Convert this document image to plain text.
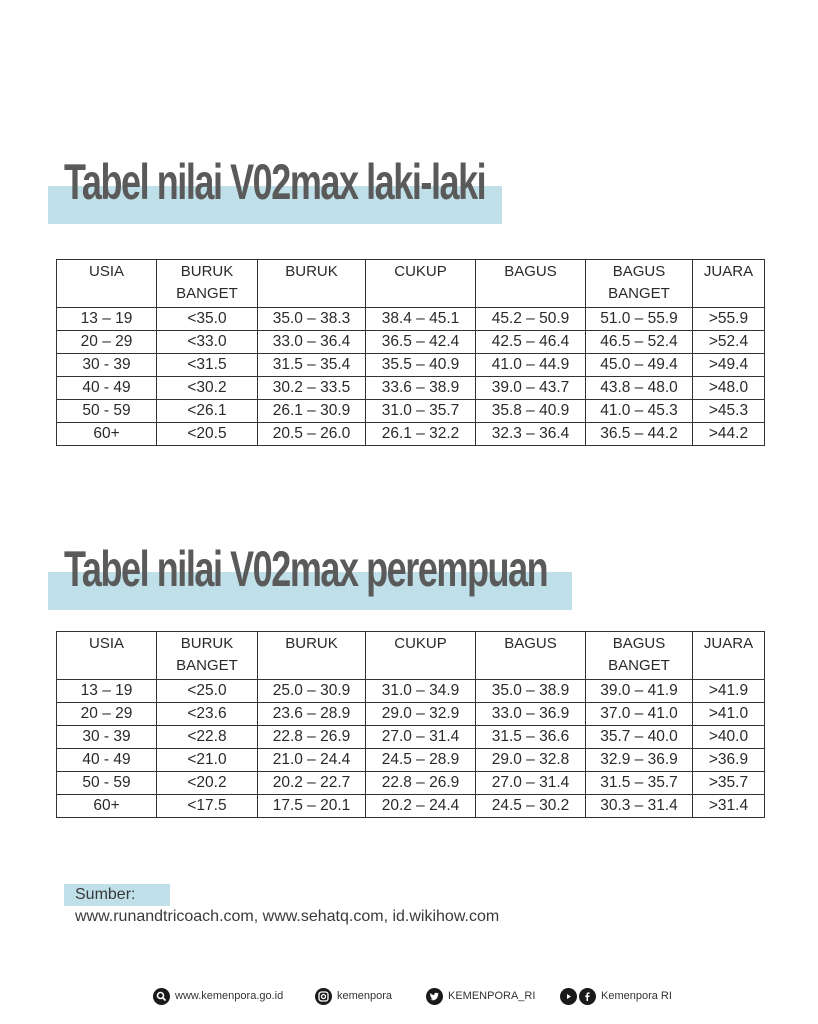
Tabel nilai V02max laki-laki
USIA	BURUK BANGET	BURUK	CUKUP	BAGUS	BAGUS BANGET	JUARA
13 – 19	<35.0	35.0 – 38.3	38.4 – 45.1	45.2 – 50.9	51.0 – 55.9	>55.9
20 – 29	<33.0	33.0 – 36.4	36.5 – 42.4	42.5 – 46.4	46.5 – 52.4	>52.4
30 - 39	<31.5	31.5 – 35.4	35.5 – 40.9	41.0 – 44.9	45.0 – 49.4	>49.4
40 - 49	<30.2	30.2 – 33.5	33.6 – 38.9	39.0 – 43.7	43.8 – 48.0	>48.0
50 - 59	<26.1	26.1 – 30.9	31.0 – 35.7	35.8 – 40.9	41.0 – 45.3	>45.3
60+	<20.5	20.5 – 26.0	26.1 – 32.2	32.3 – 36.4	36.5 – 44.2	>44.2
Tabel nilai V02max perempuan
USIA	BURUK BANGET	BURUK	CUKUP	BAGUS	BAGUS BANGET	JUARA
13 – 19	<25.0	25.0 – 30.9	31.0 – 34.9	35.0 – 38.9	39.0 – 41.9	>41.9
20 – 29	<23.6	23.6 – 28.9	29.0 – 32.9	33.0 – 36.9	37.0 – 41.0	>41.0
30 - 39	<22.8	22.8 – 26.9	27.0 – 31.4	31.5 – 36.6	35.7 – 40.0	>40.0
40 - 49	<21.0	21.0 – 24.4	24.5 – 28.9	29.0 – 32.8	32.9 – 36.9	>36.9
50 - 59	<20.2	20.2 – 22.7	22.8 – 26.9	27.0 – 31.4	31.5 – 35.7	>35.7
60+	<17.5	17.5 – 20.1	20.2 – 24.4	24.5 – 30.2	30.3 – 31.4	>31.4
Sumber:
www.runandtricoach.com, www.sehatq.com, id.wikihow.com
www.kemenpora.go.id	kemenpora	KEMENPORA_RI	Kemenpora RI
